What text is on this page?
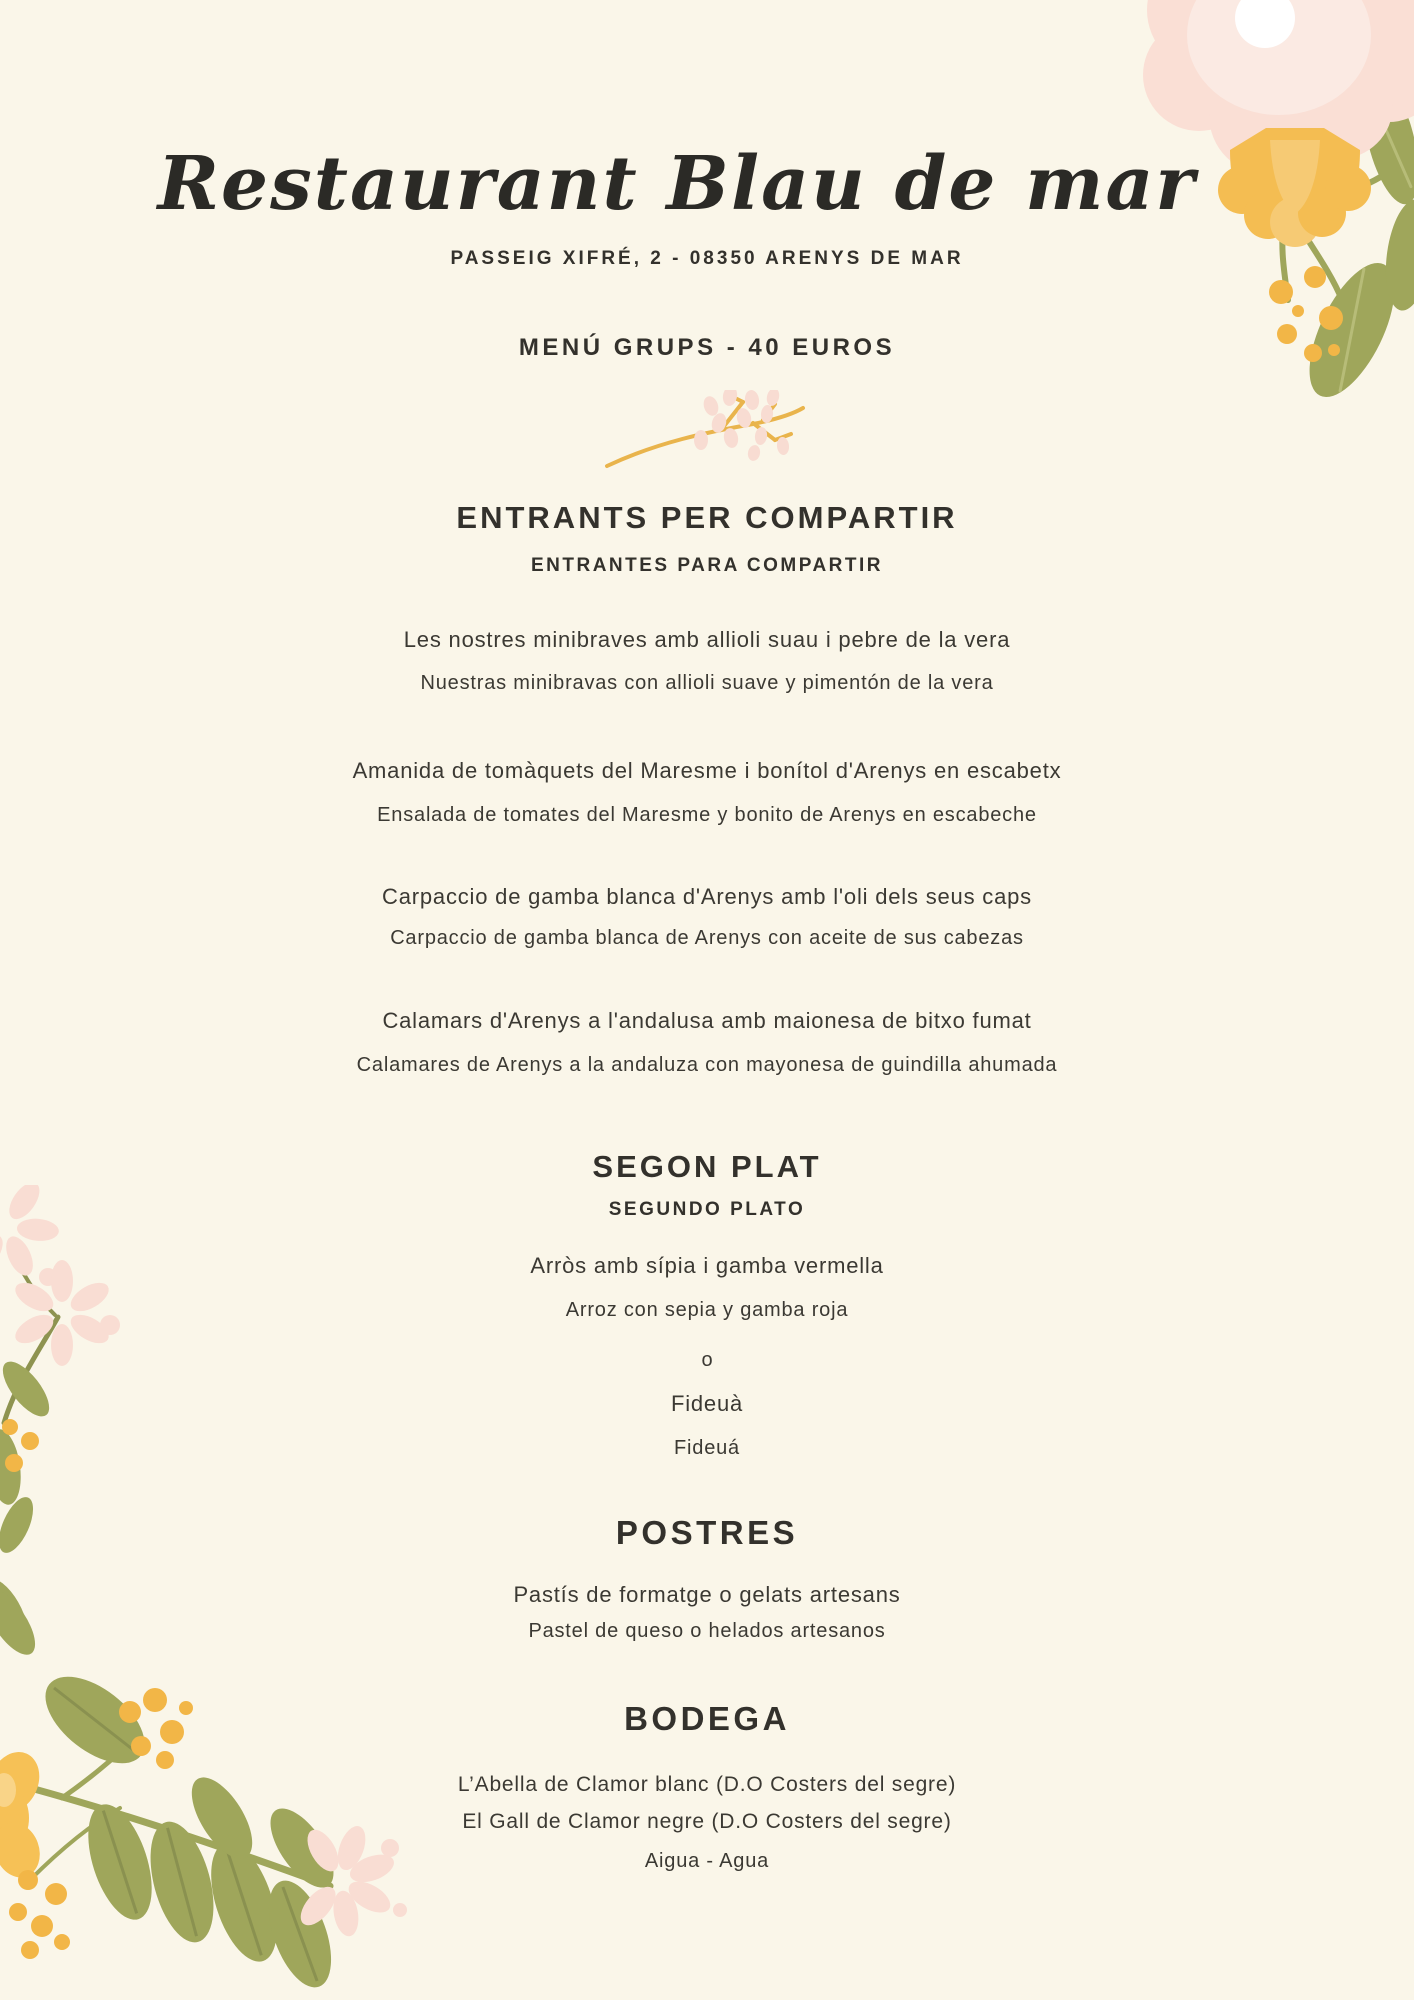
Restaurant Blau de mar
PASSEIG XIFRÉ, 2 - 08350 ARENYS DE MAR
MENÚ GRUPS - 40 EUROS
ENTRANTS PER COMPARTIR
ENTRANTES PARA COMPARTIR
Les nostres minibraves amb allioli suau i pebre de la vera
Nuestras minibravas con allioli suave y pimentón de la vera
Amanida de tomàquets del Maresme i bonítol d'Arenys en escabetx
Ensalada de tomates del Maresme y bonito de Arenys en escabeche
Carpaccio de gamba blanca d'Arenys amb l'oli dels seus caps
Carpaccio de gamba blanca de Arenys con aceite de sus cabezas
Calamars d'Arenys a l'andalusa amb maionesa de bitxo fumat
Calamares de Arenys a la andaluza con mayonesa de guindilla ahumada
SEGON PLAT
SEGUNDO PLATO
Arròs amb sípia i gamba vermella
Arroz con sepia y gamba roja
o
Fideuà
Fideuá
POSTRES
Pastís de formatge o gelats artesans
Pastel de queso o helados artesanos
BODEGA
L’Abella de Clamor blanc (D.O Costers del segre)
El Gall de Clamor negre (D.O Costers del segre)
Aigua - Agua
